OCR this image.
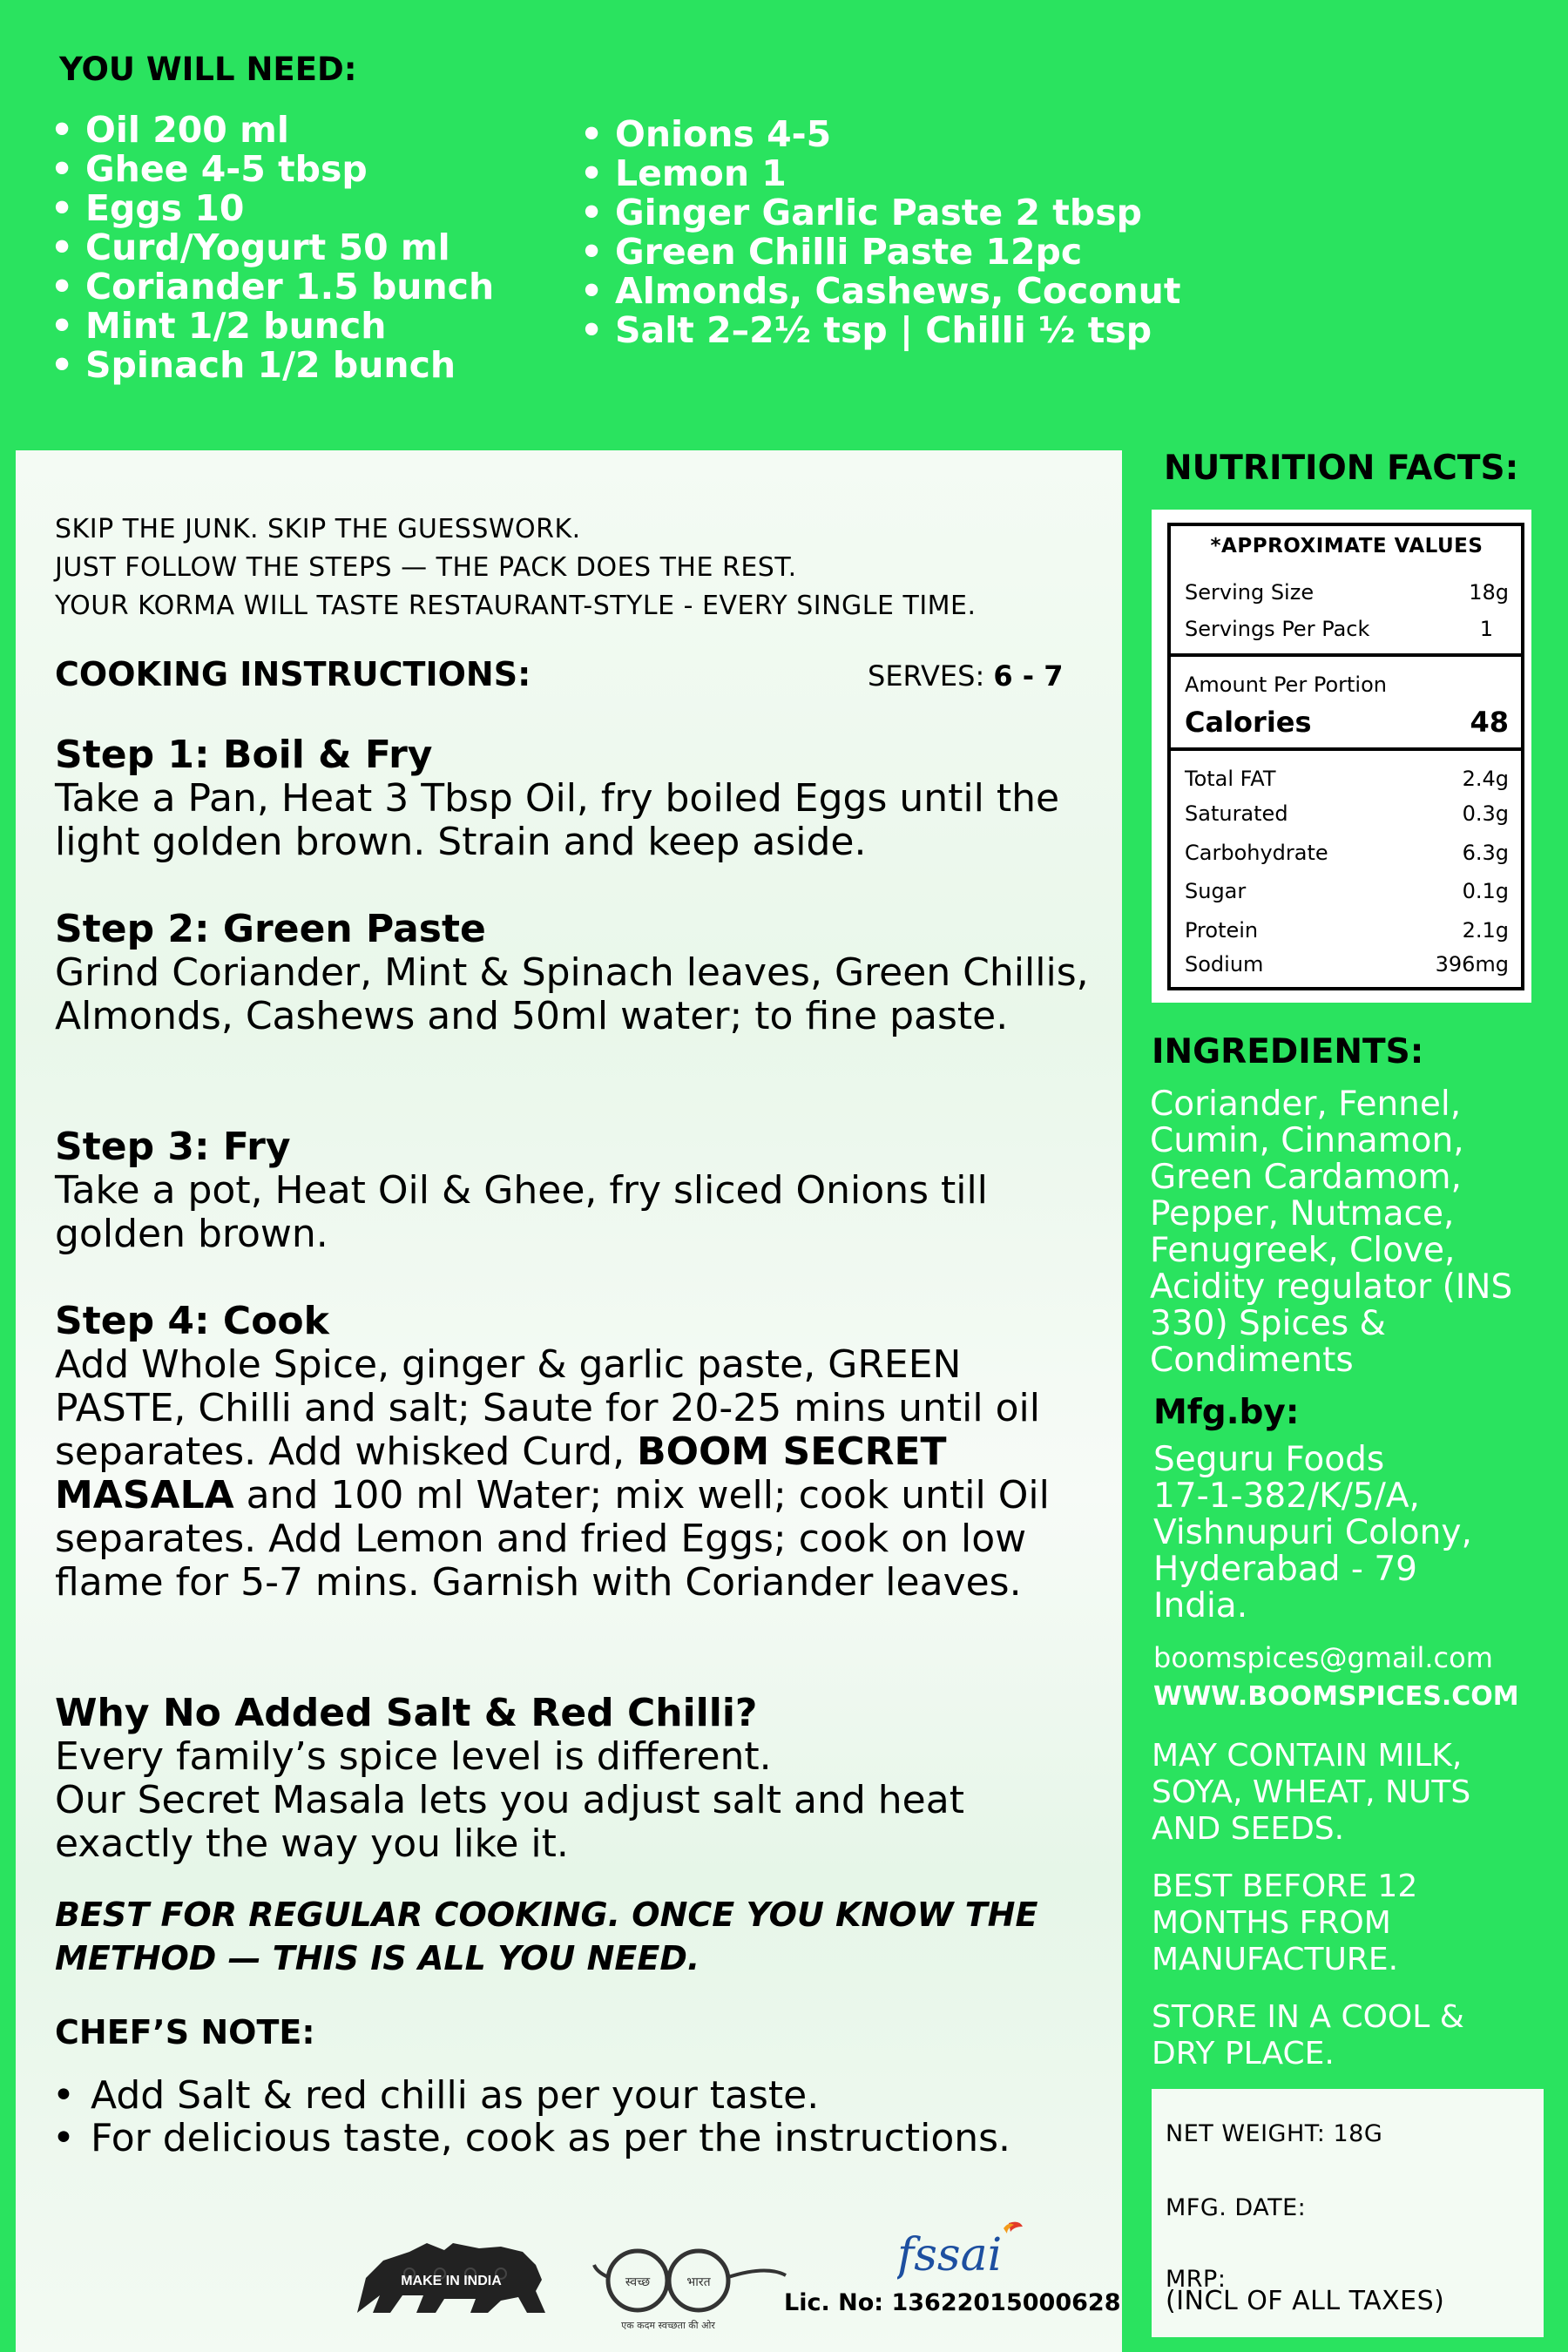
YOU WILL NEED:
• Oil 200 ml
• Ghee 4-5 tbsp
• Eggs 10
• Curd/Yogurt 50 ml
• Coriander 1.5 bunch
• Mint 1/2 bunch
• Spinach 1/2 bunch
• Onions 4-5
• Lemon 1
• Ginger Garlic Paste 2 tbsp
• Green Chilli Paste 12pc
• Almonds, Cashews, Coconut
• Salt 2–2½ tsp | Chilli ½ tsp
SKIP THE JUNK. SKIP THE GUESSWORK.
JUST FOLLOW THE STEPS — THE PACK DOES THE REST.
YOUR KORMA WILL TASTE RESTAURANT-STYLE - EVERY SINGLE TIME.
COOKING INSTRUCTIONS:	SERVES: 6 - 7
Step 1: Boil & Fry
Take a Pan, Heat 3 Tbsp Oil, fry boiled Eggs until the light golden brown. Strain and keep aside.
Step 2: Green Paste
Grind Coriander, Mint & Spinach leaves, Green Chillis, Almonds, Cashews and 50ml water; to fine paste.
Step 3: Fry
Take a pot, Heat Oil & Ghee, fry sliced Onions till golden brown.
Step 4: Cook
Add Whole Spice, ginger & garlic paste, GREEN PASTE, Chilli and salt; Saute for 20-25 mins until oil separates. Add whisked Curd, BOOM SECRET MASALA and 100 ml Water; mix well; cook until Oil separates. Add Lemon and fried Eggs; cook on low flame for 5-7 mins. Garnish with Coriander leaves.
Why No Added Salt & Red Chilli?
Every family’s spice level is different.
Our Secret Masala lets you adjust salt and heat exactly the way you like it.
BEST FOR REGULAR COOKING. ONCE YOU KNOW THE METHOD — THIS IS ALL YOU NEED.
CHEF’S NOTE:
• Add Salt & red chilli as per your taste.
• For delicious taste, cook as per the instructions.
MAKE IN INDIA	स्वच्छ	भारत
एक कदम स्वच्छता की ओर
fssai
Lic. No: 13622015000628
NUTRITION FACTS:
*APPROXIMATE VALUES
Serving Size	18g
Servings Per Pack	1
Amount Per Portion
Calories	48
Total FAT	2.4g
Saturated	0.3g
Carbohydrate	6.3g
Sugar	0.1g
Protein	2.1g
Sodium	396mg
INGREDIENTS:
Coriander, Fennel,
Cumin, Cinnamon,
Green Cardamom,
Pepper, Nutmace,
Fenugreek, Clove,
Acidity regulator (INS
330) Spices &
Condiments
Mfg.by:
Seguru Foods
17-1-382/K/5/A,
Vishnupuri Colony,
Hyderabad - 79
India.
boomspices@gmail.com
WWW.BOOMSPICES.COM
MAY CONTAIN MILK,
SOYA, WHEAT, NUTS
AND SEEDS.
BEST BEFORE 12
MONTHS FROM
MANUFACTURE.
STORE IN A COOL &
DRY PLACE.
NET WEIGHT: 18G
MFG. DATE:
MRP:
(INCL OF ALL TAXES)
